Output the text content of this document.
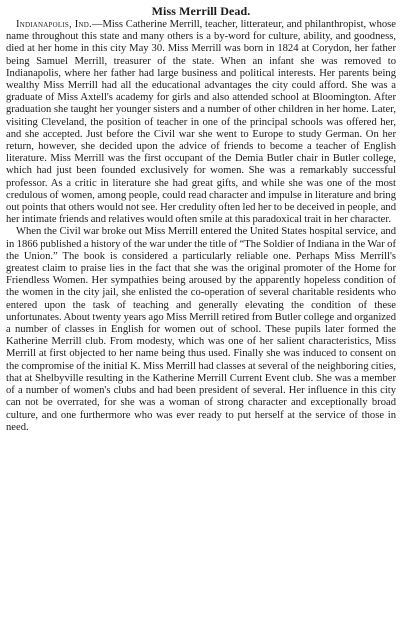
Miss Merrill Dead.

Indianapolis, Ind.—Miss Catherine Merrill, teacher, litterateur, and philanthropist, whose name throughout this state and many others is a by-word for culture, ability, and goodness, died at her home in this city May 30. Miss Merrill was born in 1824 at Corydon, her father being Samuel Merrill, treasurer of the state. When an infant she was removed to Indianapolis, where her father had large business and political interests. Her parents being wealthy Miss Merrill had all the educational advantages the city could afford. She was a graduate of Miss Axtell's academy for girls and also attended school at Bloomington. After graduation she taught her younger sisters and a number of other children in her home. Later, visiting Cleveland, the position of teacher in one of the principal schools was offered her, and she accepted. Just before the Civil war she went to Europe to study German. On her return, however, she decided upon the advice of friends to become a teacher of English literature. Miss Merrill was the first occupant of the Demia Butler chair in Butler college, which had just been founded exclusively for women. She was a remarkably successful professor. As a critic in literature she had great gifts, and while she was one of the most credulous of women, among people, could read character and impulse in literature and bring out points that others would not see. Her credulity often led her to be deceived in people, and her intimate friends and relatives would often smile at this paradoxical trait in her character.

When the Civil war broke out Miss Merrill entered the United States hospital service, and in 1866 published a history of the war under the title of “The Soldier of Indiana in the War of the Union.” The book is considered a particularly reliable one. Perhaps Miss Merrill's greatest claim to praise lies in the fact that she was the original promoter of the Home for Friendless Women. Her sympathies being aroused by the apparently hopeless condition of the women in the city jail, she enlisted the co-operation of several charitable residents who entered upon the task of teaching and generally elevating the condition of these unfortunates. About twenty years ago Miss Merrill retired from Butler college and organized a number of classes in English for women out of school. These pupils later formed the Katherine Merrill club. From modesty, which was one of her salient characteristics, Miss Merrill at first objected to her name being thus used. Finally she was induced to consent on the compromise of the initial K. Miss Merrill had classes at several of the neighboring cities, that at Shelbyville resulting in the Katherine Merrill Current Event club. She was a member of a number of women's clubs and had been president of several. Her influence in this city can not be overrated, for she was a woman of strong character and exceptionally broad culture, and one furthermore who was ever ready to put herself at the service of those in need.
